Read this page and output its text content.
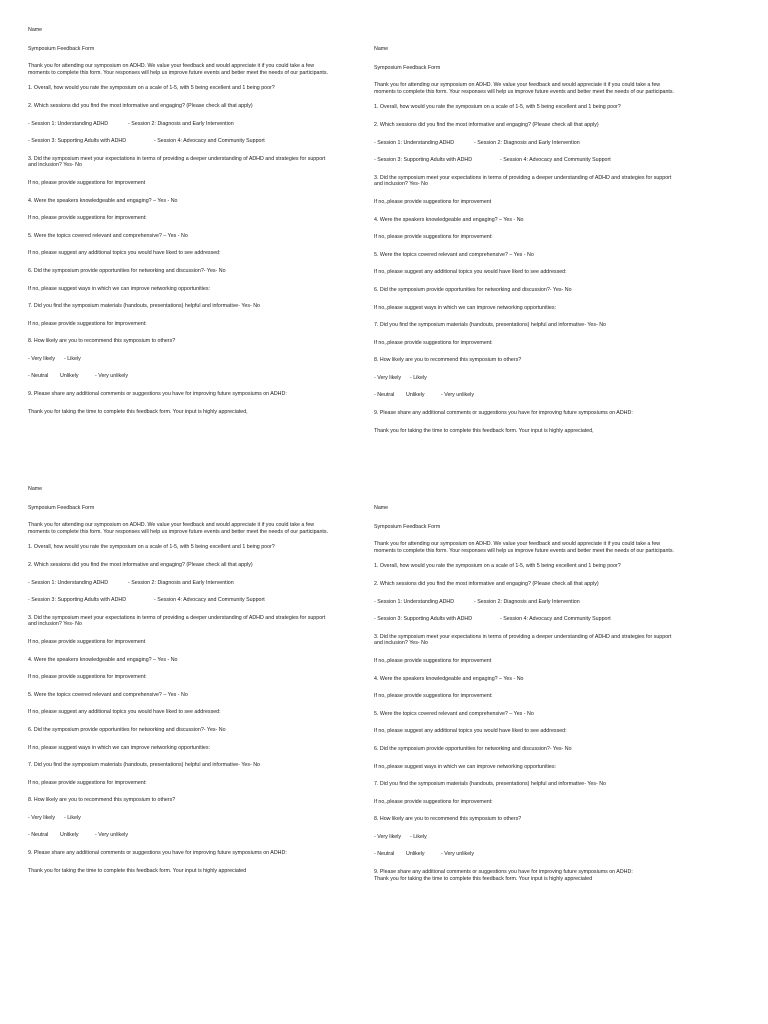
Name

Symposium Feedback Form

Thank you for attending our symposium on ADHD. We value your feedback and would appreciate it if you could take a few moments to complete this form. Your responses will help us improve future events and better meet the needs of our participants.

1. Overall, how would you rate the symposium on a scale of 1-5, with 5 being excellent and 1 being poor?

2. Which sessions did you find the most informative and engaging? (Please check all that apply)

- Session 1: Understanding ADHD	- Session 2: Diagnosis and Early Intervention
- Session 3: Supporting Adults with ADHD	- Session 4: Advocacy and Community Support

3. Did the symposium meet your expectations in terms of providing a deeper understanding of ADHD and strategies for support and inclusion? Yes- No

If no, please provide suggestions for improvement

4. Were the speakers knowledgeable and engaging? – Yes - No

If no, please provide suggestions for improvement:

5. Were the topics covered relevant and comprehensive? – Yes - No

If no, please suggest any additional topics you would have liked to see addressed:

6. Did the symposium provide opportunities for networking and discussion?- Yes- No

If no, please suggest ways in which we can improve networking opportunities:

7. Did you find the symposium materials (handouts, presentations) helpful and informative- Yes- No

If no, please provide suggestions for improvement:

8. How likely are you to recommend this symposium to others?

- Very likely	- Likely
- Neutral	Unlikely	- Very unlikely

9. Please share any additional comments or suggestions you have for improving future symposiums on ADHD:

Thank you for taking the time to complete this feedback form. Your input is highly appreciated,

Name

Symposium Feedback Form

Thank you for attending our symposium on ADHD. We value your feedback and would appreciate it if you could take a few moments to complete this form. Your responses will help us improve future events and better meet the needs of our participants.

1. Overall, how would you rate the symposium on a scale of 1-5, with 5 being excellent and 1 being poor?

2. Which sessions did you find the most informative and engaging? (Please check all that apply)

- Session 1: Understanding ADHD	- Session 2: Diagnosis and Early Intervention
- Session 3: Supporting Adults with ADHD	- Session 4: Advocacy and Community Support

3. Did the symposium meet your expectations in terms of providing a deeper understanding of ADHD and strategies for support and inclusion? Yes- No

If no,.please provide suggestions for improvement

4. Were the speakers knowledgeable and engaging? – Yes - No

If no, please provide suggestions for improvement:

5. Were the topics covered relevant and comprehensive? – Yes - No

If no, please suggest any additional topics you would have liked to see addressed:

6. Did the symposium provide opportunities for networking and discussion?- Yes- No

If no,.please suggest ways in which we can improve networking opportunities:

7. Did you find the symposium materials (handouts, presentations) helpful and informative- Yes- No

If no,.please provide suggestions for improvement:

8. How likely are you to recommend this symposium to others?

- Very likely	- Likely
- Neutral	Unlikely	- Very unlikely

9. Please share any additional comments or suggestions you have for improving future symposiums on ADHD:

Thank you for taking the time to complete this feedback form. Your input is highly appreciated,

Name

Symposium Feedback Form

Thank you for attending our symposium on ADHD. We value your feedback and would appreciate it if you could take a few moments to complete this form. Your responses will help us improve future events and better meet the needs of our participants.

1. Overall, how would you rate the symposium on a scale of 1-5, with 5 being excellent and 1 being poor?

2. Which sessions did you find the most informative and engaging? (Please check all that apply)

- Session 1: Understanding ADHD	- Session 2: Diagnosis and Early Intervention
- Session 3: Supporting Adults with ADHD	- Session 4: Advocacy and Community Support

3. Did the symposium meet your expectations in terms of providing a deeper understanding of ADHD and strategies for support and inclusion? Yes- No

If no, please provide suggestions for improvement

4. Were the speakers knowledgeable and engaging? – Yes - No

If no, please provide suggestions for improvement:

5. Were the topics covered relevant and comprehensive? – Yes - No

If no, please suggest any additional topics you would have liked to see addressed:

6. Did the symposium provide opportunities for networking and discussion?- Yes- No

If no, please suggest ways in which we can improve networking opportunities:

7. Did you find the symposium materials (handouts, presentations) helpful and informative- Yes- No

If no, please provide suggestions for improvement:

8. How likely are you to recommend this symposium to others?

- Very likely	- Likely
- Neutral	Unlikely	- Very unlikely

9. Please share any additional comments or suggestions you have for improving future symposiums on ADHD:

Thank you for taking the time to complete this feedback form. Your input is highly appreciated

Name

Symposium Feedback Form

Thank you for attending our symposium on ADHD. We value your feedback and would appreciate it if you could take a few moments to complete this form. Your responses will help us improve future events and better meet the needs of our participants.

1. Overall, how would you rate the symposium on a scale of 1-5, with 5 being excellent and 1 being poor?

2. Which sessions did you find the most informative and engaging? (Please check all that apply)

- Session 1: Understanding ADHD	- Session 2: Diagnosis and Early Intervention
- Session 3: Supporting Adults with ADHD	- Session 4: Advocacy and Community Support

3. Did the symposium meet your expectations in terms of providing a deeper understanding of ADHD and strategies for support and inclusion? Yes- No

If no,.please provide suggestions for improvement

4. Were the speakers knowledgeable and engaging? – Yes - No

If no, please provide suggestions for improvement:

5. Were the topics covered relevant and comprehensive? – Yes - No

If no, please suggest any additional topics you would have liked to see addressed:

6. Did the symposium provide opportunities for networking and discussion?- Yes- No

If no,.please suggest ways in which we can improve networking opportunities:

7. Did you find the symposium materials (handouts, presentations) helpful and informative- Yes- No

If no,.please provide suggestions for improvement:

8. How likely are you to recommend this symposium to others?

- Very likely	- Likely
- Neutral	Unlikely	- Very unlikely

9. Please share any additional comments or suggestions you have for improving future symposiums on ADHD:

Thank you for taking the time to complete this feedback form. Your input is highly appreciated
